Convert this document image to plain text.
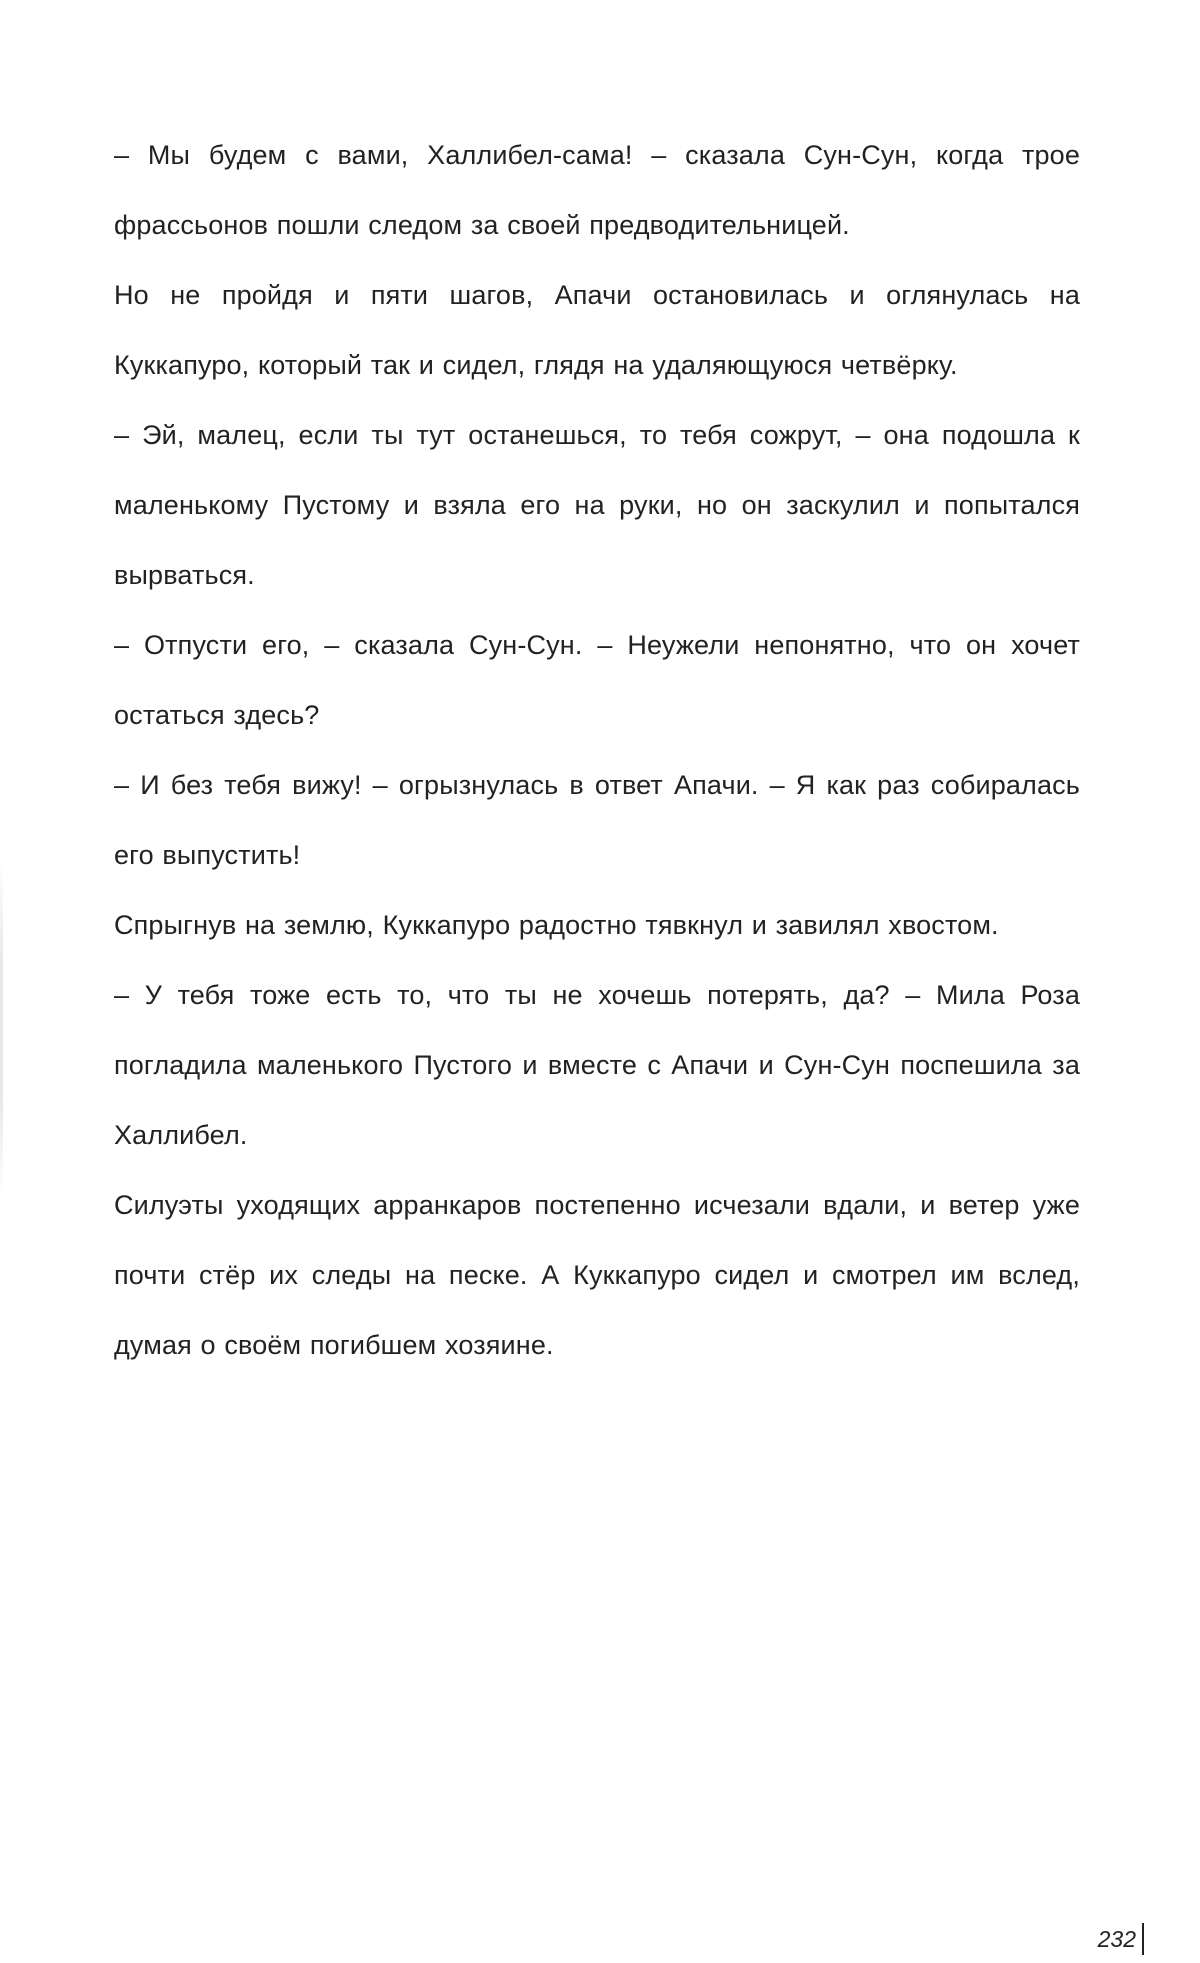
– Мы будем с вами, Халлибел-сама! – сказала Сун-Сун, когда трое фрассьонов пошли следом за своей предводительницей.

Но не пройдя и пяти шагов, Апачи остановилась и оглянулась на Куккапуро, который так и сидел, глядя на удаляющуюся четвёрку.

– Эй, малец, если ты тут останешься, то тебя сожрут, – она подошла к маленькому Пустому и взяла его на руки, но он заскулил и попытался вырваться.

– Отпусти его, – сказала Сун-Сун. – Неужели непонятно, что он хочет остаться здесь?

– И без тебя вижу! – огрызнулась в ответ Апачи. – Я как раз собиралась его выпустить!

Спрыгнув на землю, Куккапуро радостно тявкнул и завилял хвостом.

– У тебя тоже есть то, что ты не хочешь потерять, да? – Мила Роза погладила маленького Пустого и вместе с Апачи и Сун-Сун поспешила за Халлибел.

Силуэты уходящих арранкаров постепенно исчезали вдали, и ветер уже почти стёр их следы на песке. А Куккапуро сидел и смотрел им вслед, думая о своём погибшем хозяине.

232
